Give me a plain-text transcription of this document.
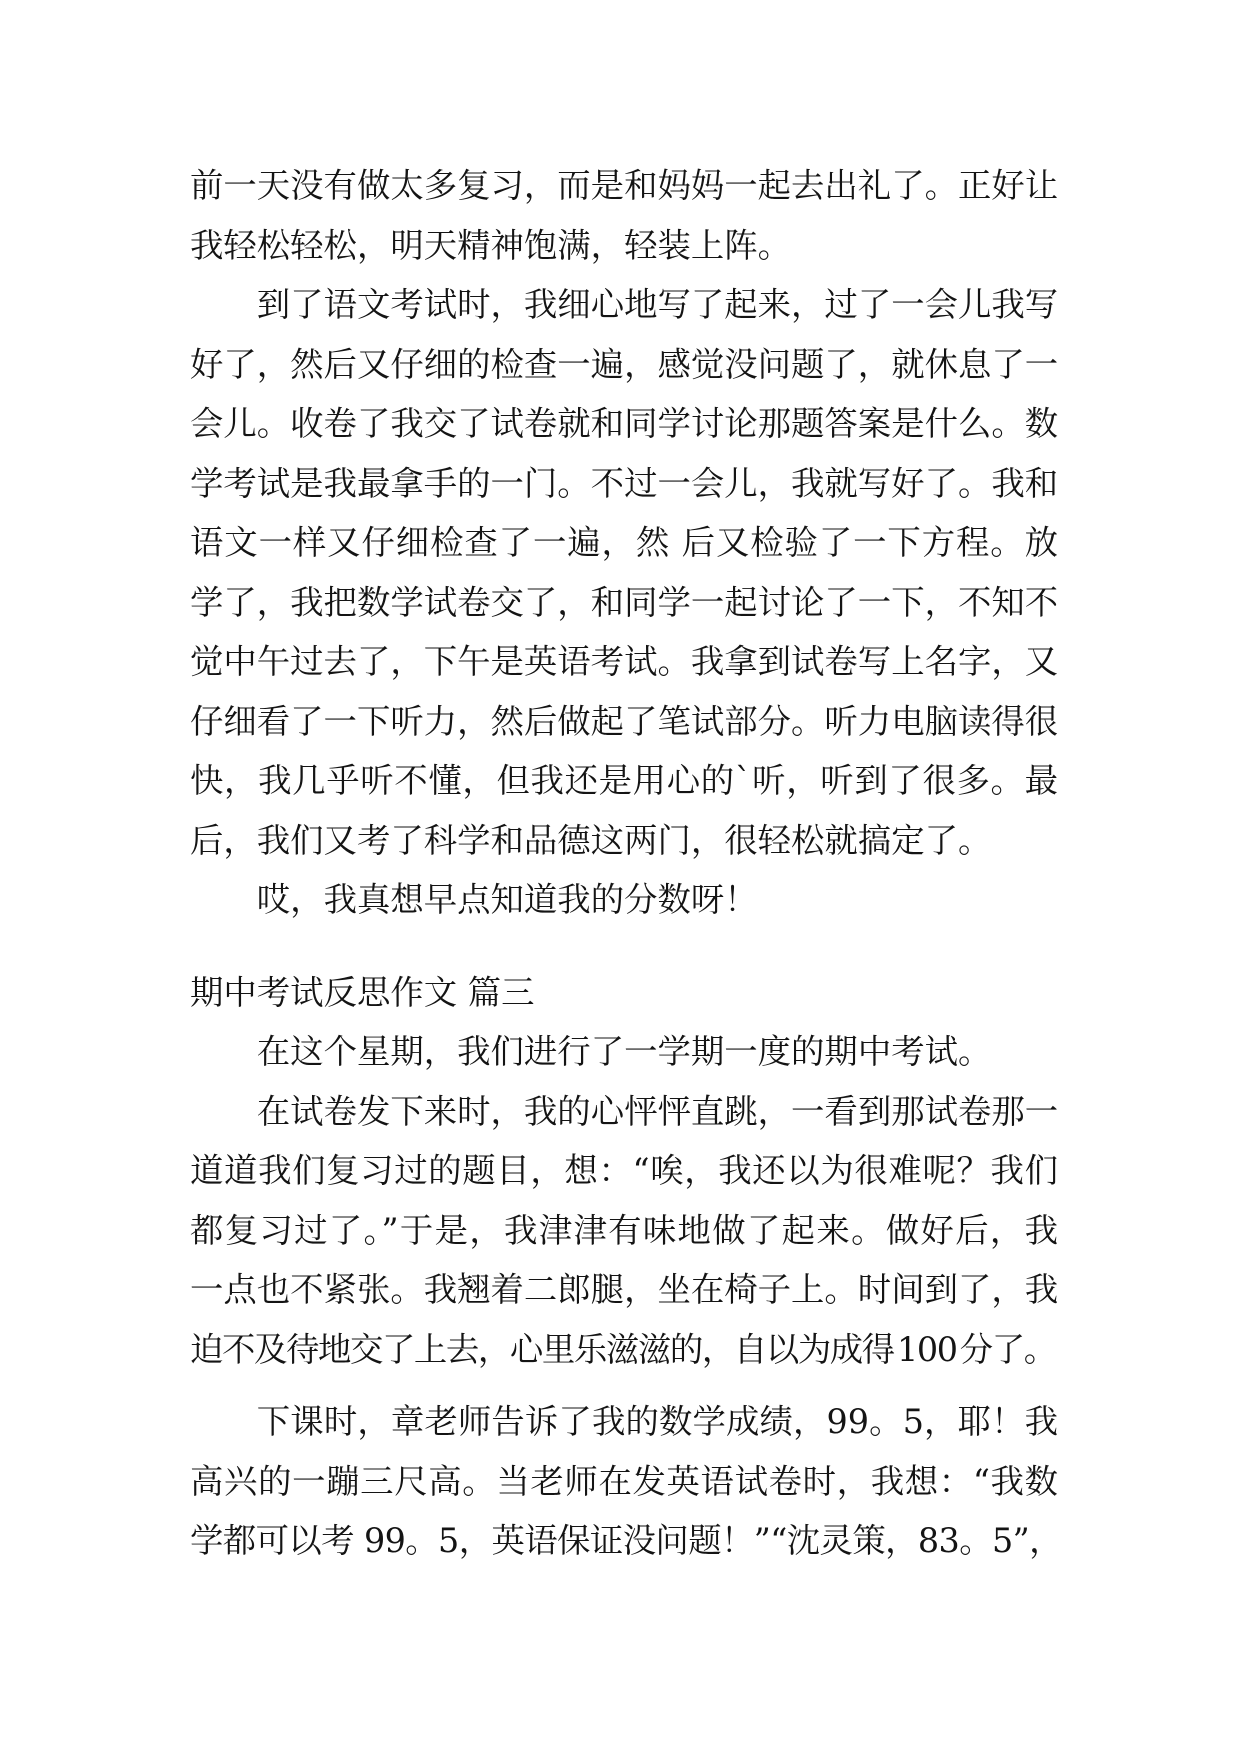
前一天没有做太多复习，而是和妈妈一起去出礼了。正好让
我轻松轻松，明天精神饱满，轻装上阵。
到了语文考试时，我细心地写了起来，过了一会儿我写
好了，然后又仔细的检查一遍，感觉没问题了，就休息了一
会儿。收卷了我交了试卷就和同学讨论那题答案是什么。数
学考试是我最拿手的一门。不过一会儿，我就写好了。我和
语文一样又仔细检查了一遍，然 后又检验了一下方程。放
学了，我把数学试卷交了，和同学一起讨论了一下，不知不
觉中午过去了，下午是英语考试。我拿到试卷写上名字，又
仔细看了一下听力，然后做起了笔试部分。听力电脑读得很
快，我几乎听不懂，但我还是用心的`听，听到了很多。最
后，我们又考了科学和品德这两门，很轻松就搞定了。
哎，我真想早点知道我的分数呀！
期中考试反思作文 篇三
在这个星期，我们进行了一学期一度的期中考试。
在试卷发下来时，我的心怦怦直跳，一看到那试卷那一
道道我们复习过的题目，想：“唉，我还以为很难呢？我们
都复习过了。”于是，我津津有味地做了起来。做好后，我
一点也不紧张。我翘着二郎腿，坐在椅子上。时间到了，我
迫不及待地交了上去，心里乐滋滋的，自以为成得 100 分了。
下课时，章老师告诉了我的数学成绩，99。5，耶！我
高兴的一蹦三尺高。当老师在发英语试卷时，我想：“我数
学都可以考 99。5，英语保证没问题！”“沈灵策，83。5”，
